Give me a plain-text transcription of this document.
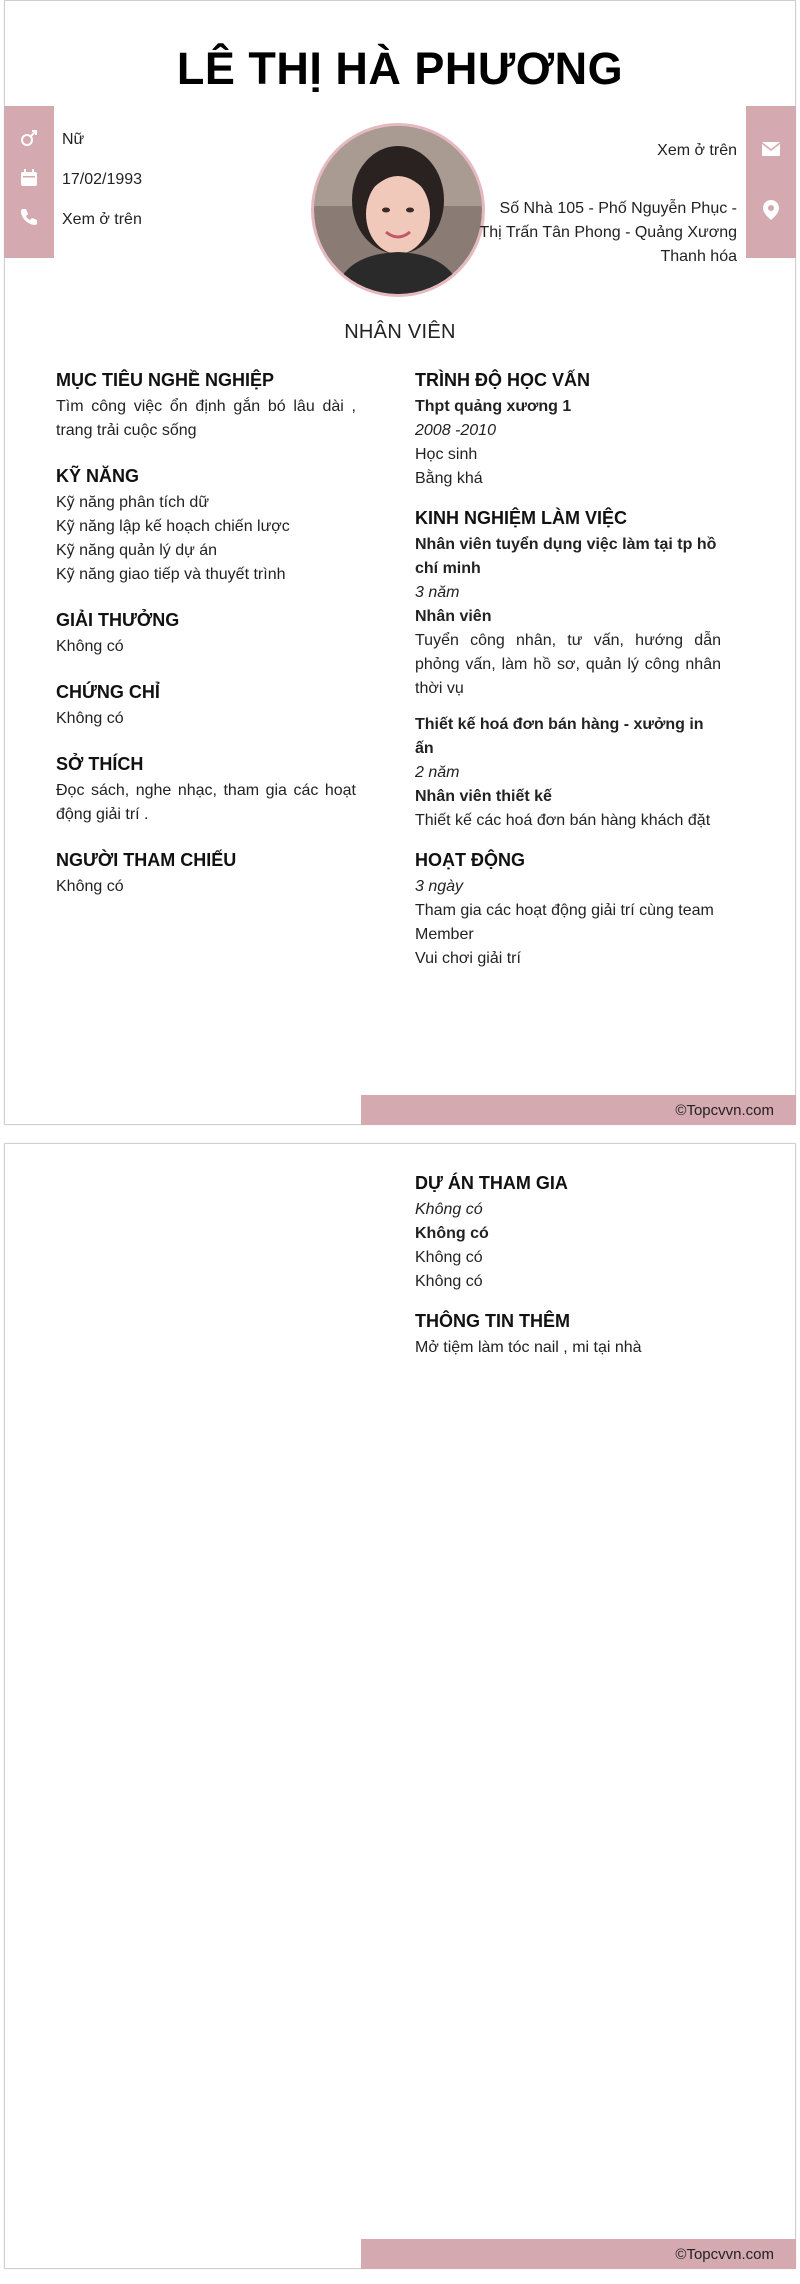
LÊ THỊ HÀ PHƯƠNG
Nữ
17/02/1993
Xem ở trên
Xem ở trên
Số Nhà 105 - Phố Nguyễn Phục -
Thị Trấn Tân Phong - Quảng Xương
Thanh hóa
NHÂN VIÊN
MỤC TIÊU NGHỀ NGHIỆP
Tìm công việc ổn định gắn bó lâu dài , trang trải cuộc sống
KỸ NĂNG
Kỹ năng phân tích dữ
Kỹ năng lập kế hoạch chiến lược
Kỹ năng quản lý dự án
Kỹ năng giao tiếp và thuyết trình
GIẢI THƯỞNG
Không có
CHỨNG CHỈ
Không có
SỞ THÍCH
Đọc sách, nghe nhạc, tham gia các hoạt động giải trí .
NGƯỜI THAM CHIẾU
Không có
TRÌNH ĐỘ HỌC VẤN
Thpt quảng xương 1
2008 -2010
Học sinh
Bằng khá
KINH NGHIỆM LÀM VIỆC
Nhân viên tuyển dụng việc làm tại tp hồ chí minh
3 năm
Nhân viên
Tuyển công nhân, tư vấn, hướng dẫn phỏng vấn, làm hồ sơ, quản lý công nhân thời vụ
Thiết kế hoá đơn bán hàng - xưởng in ấn
2 năm
Nhân viên thiết kế
Thiết kế các hoá đơn bán hàng khách đặt
HOẠT ĐỘNG
3 ngày
Tham gia các hoạt động giải trí cùng team
Member
Vui chơi giải trí
©Topcvvn.com
DỰ ÁN THAM GIA
Không có
Không có
Không có
Không có
THÔNG TIN THÊM
Mở tiệm làm tóc nail , mi tại nhà
©Topcvvn.com
